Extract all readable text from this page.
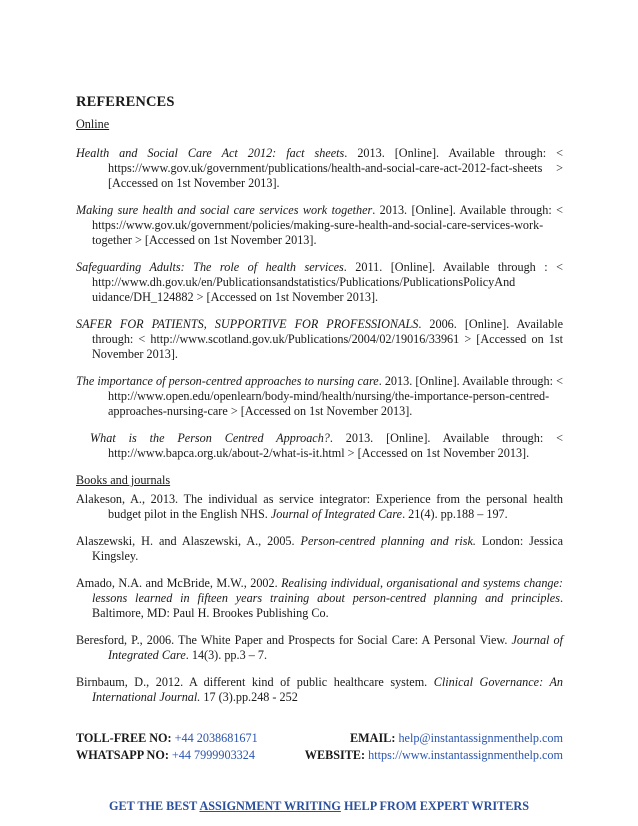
REFERENCES
Online

Health and Social Care Act 2012: fact sheets. 2013. [Online]. Available through: < https://www.gov.uk/government/publications/health-and-social-care-act-2012-fact-sheets > [Accessed on 1st November 2013].

Making sure health and social care services work together. 2013. [Online]. Available through: < https://www.gov.uk/government/policies/making-sure-health-and-social-care-services-work-together > [Accessed on 1st November 2013].

Safeguarding Adults: The role of health services. 2011. [Online]. Available through : < http://www.dh.gov.uk/en/Publicationsandstatistics/Publications/PublicationsPolicyAnd uidance/DH_124882 > [Accessed on 1st November 2013].

SAFER FOR PATIENTS, SUPPORTIVE FOR PROFESSIONALS. 2006. [Online]. Available through: < http://www.scotland.gov.uk/Publications/2004/02/19016/33961 > [Accessed on 1st November 2013].

The importance of person-centred approaches to nursing care. 2013. [Online]. Available through: < http://www.open.edu/openlearn/body-mind/health/nursing/the-importance-person-centred-approaches-nursing-care > [Accessed on 1st November 2013].

What is the Person Centred Approach?. 2013. [Online]. Available through: < http://www.bapca.org.uk/about-2/what-is-it.html > [Accessed on 1st November 2013].

Books and journals

Alakeson, A., 2013. The individual as service integrator: Experience from the personal health budget pilot in the English NHS. Journal of Integrated Care. 21(4). pp.188 – 197.

Alaszewski, H. and Alaszewski, A., 2005. Person-centred planning and risk. London: Jessica Kingsley.

Amado, N.A. and McBride, M.W., 2002. Realising individual, organisational and systems change: lessons learned in fifteen years training about person-centred planning and principles. Baltimore, MD: Paul H. Brookes Publishing Co.

Beresford, P., 2006. The White Paper and Prospects for Social Care: A Personal View. Journal of Integrated Care. 14(3). pp.3 – 7.

Birnbaum, D., 2012. A different kind of public healthcare system. Clinical Governance: An International Journal. 17 (3).pp.248 - 252

TOLL-FREE NO: +44 2038681671	EMAIL: help@instantassignmenthelp.com
WHATSAPP NO: +44 7999903324	WEBSITE: https://www.instantassignmenthelp.com
GET THE BEST ASSIGNMENT WRITING HELP FROM EXPERT WRITERS
